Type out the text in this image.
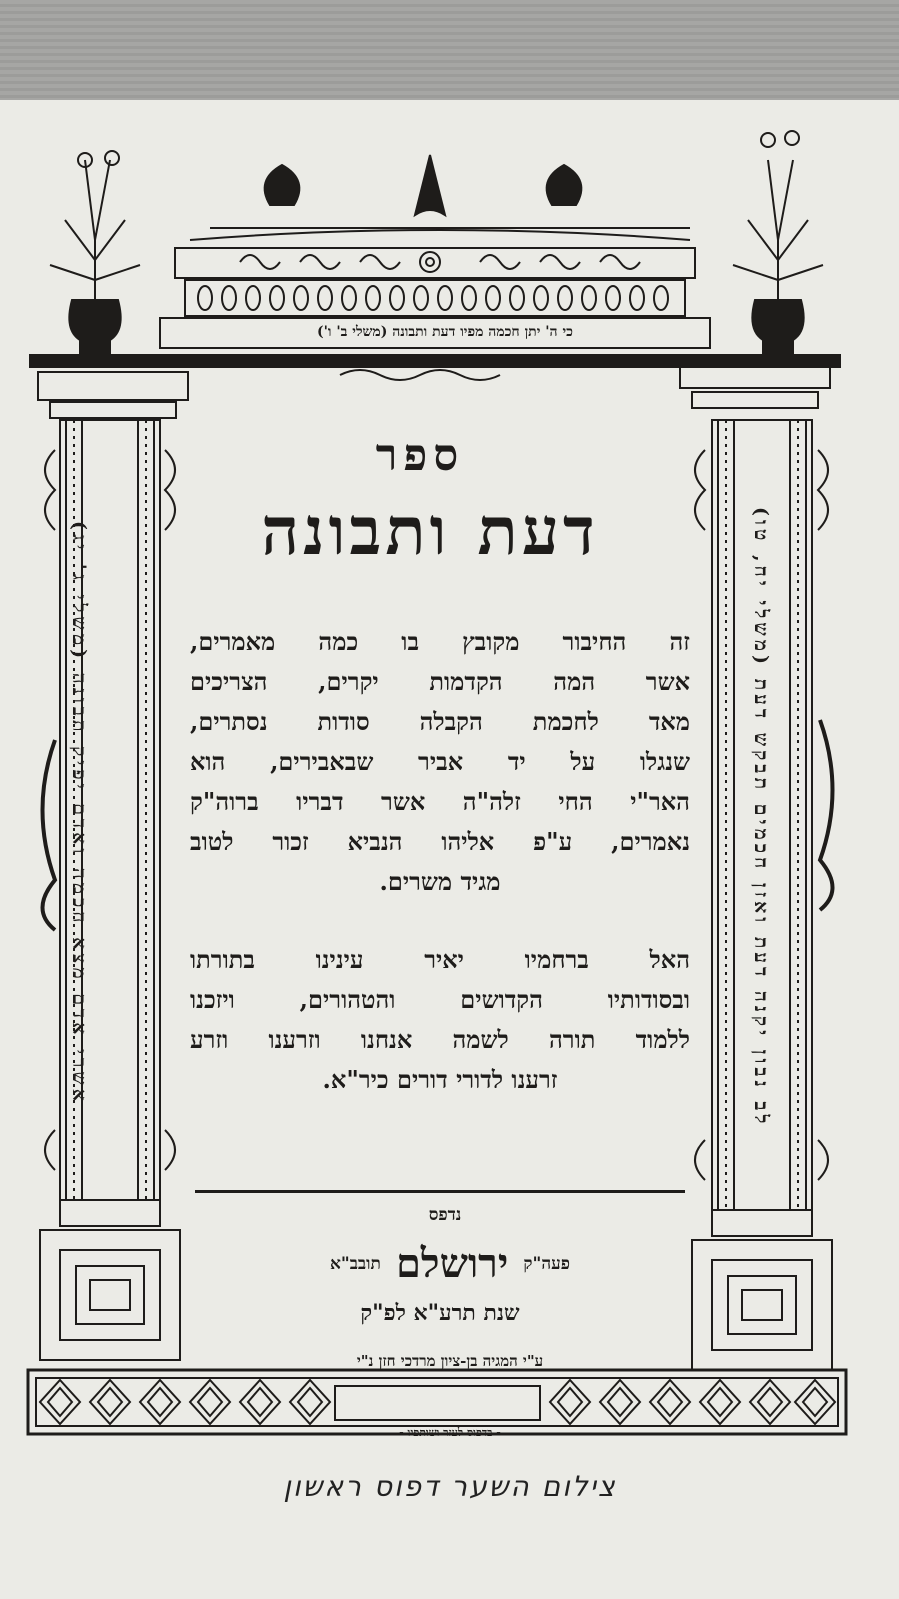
כי ה' יתן חכמה מפיו דעת ותבונה (משלי ב' ו')
ספר
דעת ותבונה
זה החיבור מקובץ בו כמה מאמרים,
אשר המה הקדמות יקרים, הצריכים
מאד לחכמת הקבלה סודות נסתרים,
שנגלו על יד אביר שבאבירים, הוא
האר"י החי זלה"ה אשר דבריו ברוה"ק
נאמרים, ע"פ אליהו הנביא זכור לטוב
מגיד משרים.
האל ברחמיו יאיר עינינו בתורתו
ובסודותיו הקדושים והטהורים, ויזכנו
ללמוד תורה לשמה אנחנו וזרענו וזרע
זרענו לדורי דורים כיר"א.
נדפס
פעה"ק ירושלם תובב"א
שנת תרע"א לפ"ק
ע"י המגיה בן-ציון מרדכי חזן נ"י
- בדפוס לעזר ושותפיו -
אשרי אדם מצא חכמה ואדם יפיק תבונה (משלי ג' יג)	לב נבון יקנה דעת ואזן חכמים תבקש דעת (משלי יח, טו)
צילום השער דפוס ראשון
